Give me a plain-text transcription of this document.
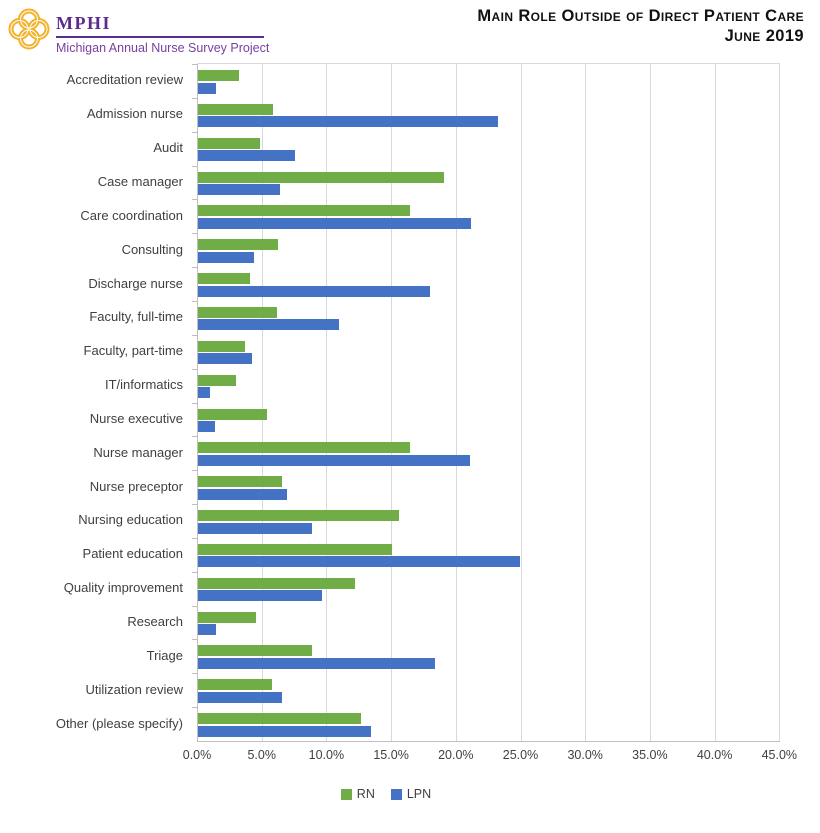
MPHI
Michigan Annual Nurse Survey Project
Main Role Outside of Direct Patient Care
June 2019
Accreditation review
Admission nurse
Audit
Case manager
Care coordination
Consulting
Discharge nurse
Faculty, full-time
Faculty, part-time
IT/informatics
Nurse executive
Nurse manager
Nurse preceptor
Nursing education
Patient education
Quality improvement
Research
Triage
Utilization review
Other (please specify)
0.0%	5.0%	10.0%	15.0%	20.0%	25.0%	30.0%	35.0%	40.0%	45.0%
RN	LPN
